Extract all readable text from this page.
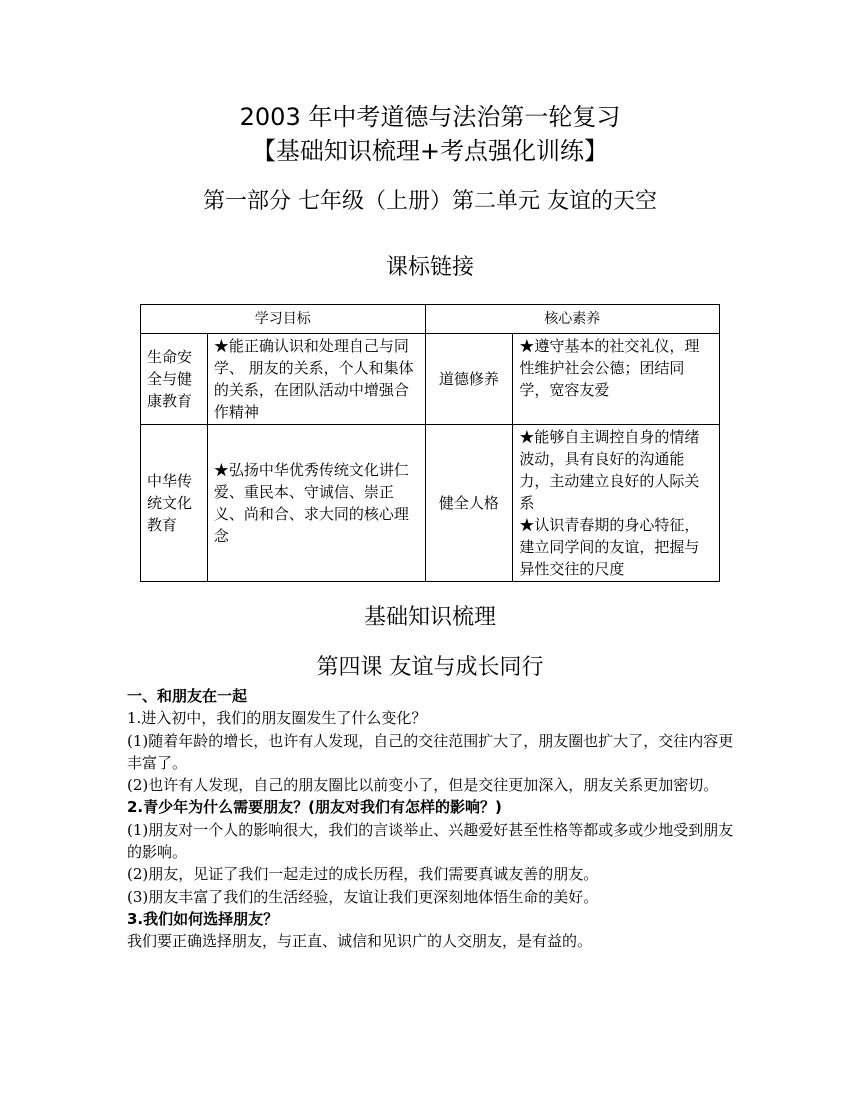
2003 年中考道德与法治第一轮复习
【基础知识梳理+考点强化训练】
第一部分 七年级（上册）第二单元 友谊的天空
课标链接
学习目标		核心素养	
生命安全与健康教育	★能正确认识和处理自己与同学、 朋友的关系，个人和集体的关系，在团队活动中增强合作精神	道德修养	★遵守基本的社交礼仪，理性维护社会公德；团结同学，宽容友爱
中华传统文化教育	★弘扬中华优秀传统文化讲仁爱、重民本、守诚信、崇正义、尚和合、求大同的核心理念	健全人格	★能够自主调控自身的情绪波动，具有良好的沟通能力，主动建立良好的人际关系
★认识青春期的身心特征，建立同学间的友谊，把握与异性交往的尺度
基础知识梳理
第四课 友谊与成长同行

一、和朋友在一起

1.进入初中，我们的朋友圈发生了什么变化？

(1)随着年龄的增长，也许有人发现，自己的交往范围扩大了，朋友圈也扩大了，交往内容更丰富了。

(2)也许有人发现，自己的朋友圈比以前变小了，但是交往更加深入，朋友关系更加密切。

2.青少年为什么需要朋友？(朋友对我们有怎样的影响？)

(1)朋友对一个人的影响很大，我们的言谈举止、兴趣爱好甚至性格等都或多或少地受到朋友的影响。

(2)朋友，见证了我们一起走过的成长历程，我们需要真诚友善的朋友。

(3)朋友丰富了我们的生活经验，友谊让我们更深刻地体悟生命的美好。

3.我们如何选择朋友？

我们要正确选择朋友，与正直、诚信和见识广的人交朋友，是有益的。
